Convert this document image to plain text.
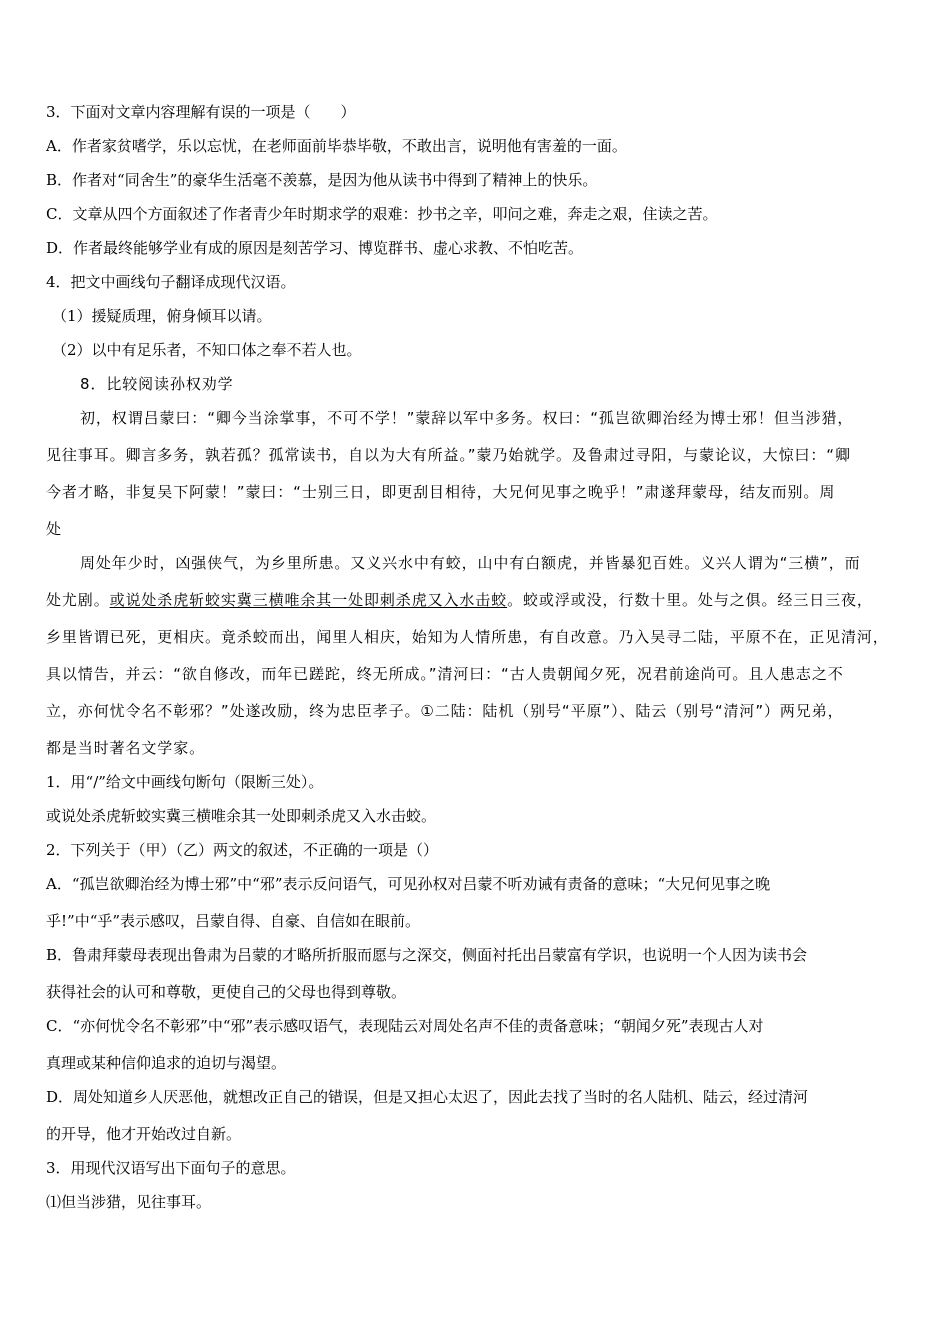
3．下面对文章内容理解有误的一项是（　　）
A．作者家贫嗜学，乐以忘忧，在老师面前毕恭毕敬，不敢出言，说明他有害羞的一面。
B．作者对“同舍生”的豪华生活毫不羡慕，是因为他从读书中得到了精神上的快乐。
C．文章从四个方面叙述了作者青少年时期求学的艰难：抄书之辛，叩问之难，奔走之艰，住读之苦。
D．作者最终能够学业有成的原因是刻苦学习、博览群书、虚心求教、不怕吃苦。
4．把文中画线句子翻译成现代汉语。
（1）援疑质理，俯身倾耳以请。
（2）以中有足乐者，不知口体之奉不若人也。
8．比较阅读孙权劝学
初，权谓吕蒙曰：“卿今当涂掌事，不可不学！”蒙辞以军中多务。权曰：“孤岂欲卿治经为博士邪！但当涉猎，
见往事耳。卿言多务，孰若孤？孤常读书，自以为大有所益。”蒙乃始就学。及鲁肃过寻阳，与蒙论议，大惊曰：“卿
今者才略，非复吴下阿蒙！”蒙曰：“士别三日，即更刮目相待，大兄何见事之晚乎！”肃遂拜蒙母，结友而别。周
处
周处年少时，凶强侠气，为乡里所患。又义兴水中有蛟，山中有白额虎，并皆暴犯百姓。义兴人谓为“三横”，而
处尤剧。或说处杀虎斩蛟实冀三横唯余其一处即刺杀虎又入水击蛟。蛟或浮或没，行数十里。处与之俱。经三日三夜，
乡里皆谓已死，更相庆。竟杀蛟而出，闻里人相庆，始知为人情所患，有自改意。乃入吴寻二陆，平原不在，正见清河，
具以情告，并云：“欲自修改，而年已蹉跎，终无所成。”清河曰：“古人贵朝闻夕死，况君前途尚可。且人患志之不
立，亦何忧令名不彰邪？”处遂改励，终为忠臣孝子。①二陆：陆机（别号“平原”）、陆云（别号“清河”）两兄弟，
都是当时著名文学家。
1．用“/”给文中画线句断句（限断三处）。
或说处杀虎斩蛟实冀三横唯余其一处即刺杀虎又入水击蛟。
2．下列关于（甲）（乙）两文的叙述，不正确的一项是（）
A．“孤岂欲卿治经为博士邪”中“邪”表示反问语气，可见孙权对吕蒙不听劝诫有责备的意味；“大兄何见事之晚
乎!”中“乎”表示感叹，吕蒙自得、自豪、自信如在眼前。
B．鲁肃拜蒙母表现出鲁肃为吕蒙的才略所折服而愿与之深交，侧面衬托出吕蒙富有学识，也说明一个人因为读书会
获得社会的认可和尊敬，更使自己的父母也得到尊敬。
C．“亦何忧令名不彰邪”中“邪”表示感叹语气，表现陆云对周处名声不佳的责备意味；“朝闻夕死”表现古人对
真理或某种信仰追求的迫切与渴望。
D．周处知道乡人厌恶他，就想改正自己的错误，但是又担心太迟了，因此去找了当时的名人陆机、陆云，经过清河
的开导，他才开始改过自新。
3．用现代汉语写出下面句子的意思。
⑴但当涉猎，见往事耳。
